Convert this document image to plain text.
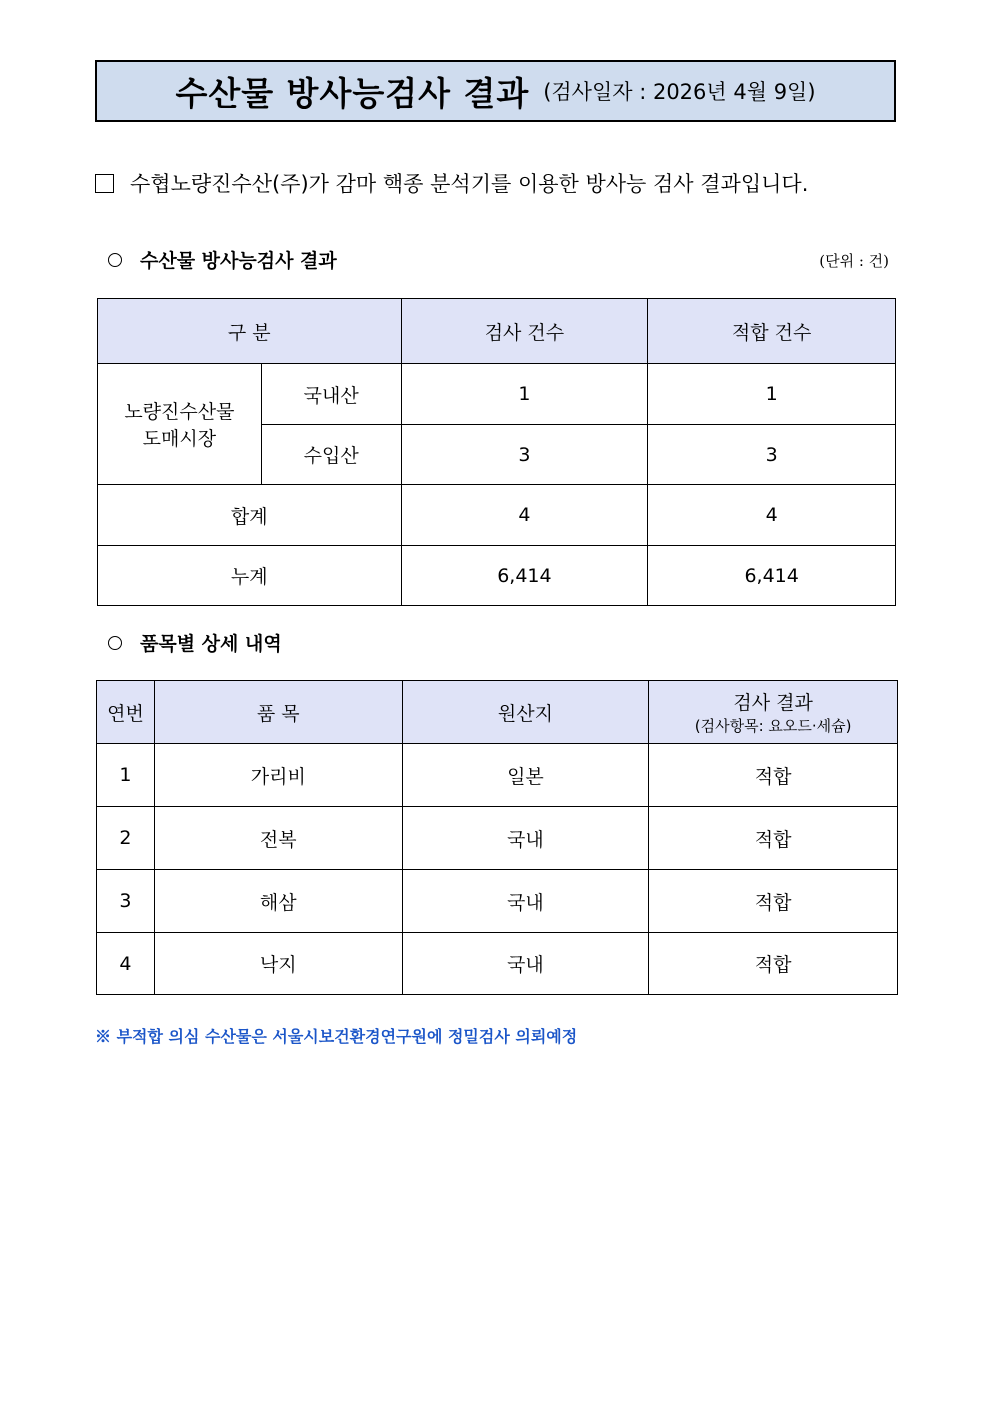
수산물 방사능검사 결과 (검사일자 : 2026년 4월 9일)
수협노량진수산(주)가 감마 핵종 분석기를 이용한 방사능 검사 결과입니다.
수산물 방사능검사 결과	(단위 : 건)
구 분		검사 건수	적합 건수
노량진수산물
도매시장	국내산	1	1
	수입산	3	3
합계		4	4
누계		6,414	6,414
품목별 상세 내역
연번	품 목	원산지	검사 결과
(검사항목: 요오드·세슘)

1	가리비	일본	적합
2	전복	국내	적합
3	해삼	국내	적합
4	낙지	국내	적합
※ 부적합 의심 수산물은 서울시보건환경연구원에 정밀검사 의뢰예정
